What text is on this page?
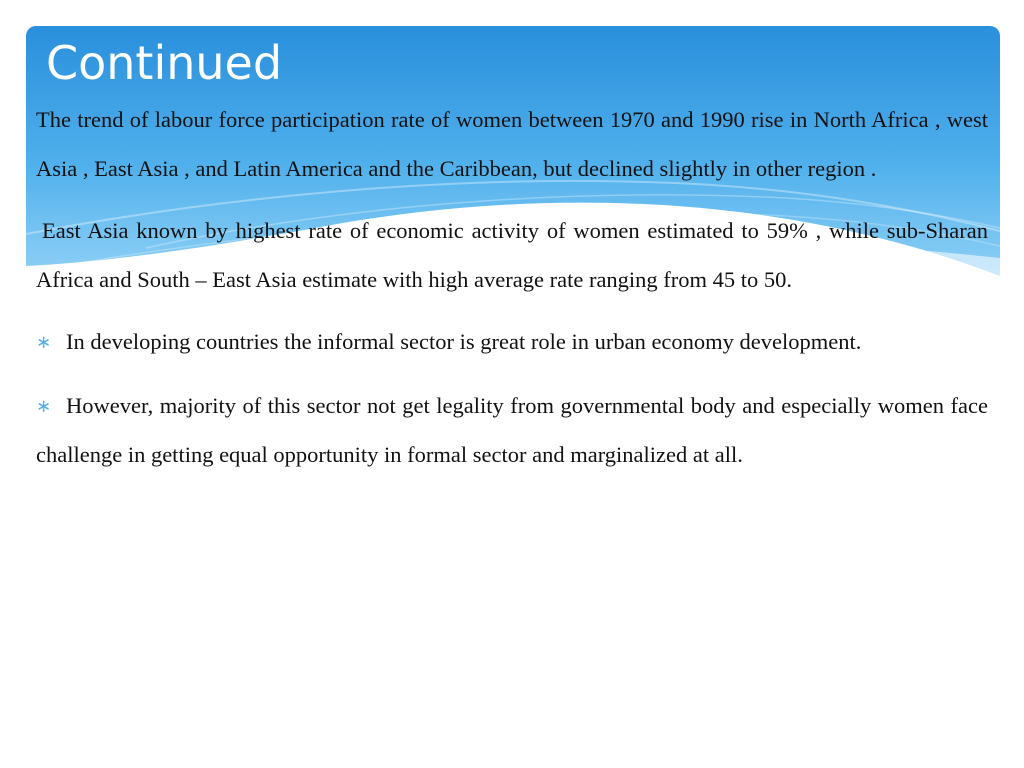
Continued

The trend of labour force participation rate of women between 1970 and 1990 rise in North Africa , west Asia , East Asia , and Latin America and the Caribbean, but declined slightly in other region .

East Asia known by highest rate of economic activity of women estimated to 59% , while sub-Sharan Africa and South – East Asia estimate with high average rate ranging from 45 to 50.

∗ In developing countries the informal sector is great role in urban economy development.

∗ However, majority of this sector not get legality from governmental body and especially women face challenge in getting equal opportunity in formal sector and marginalized at all.
